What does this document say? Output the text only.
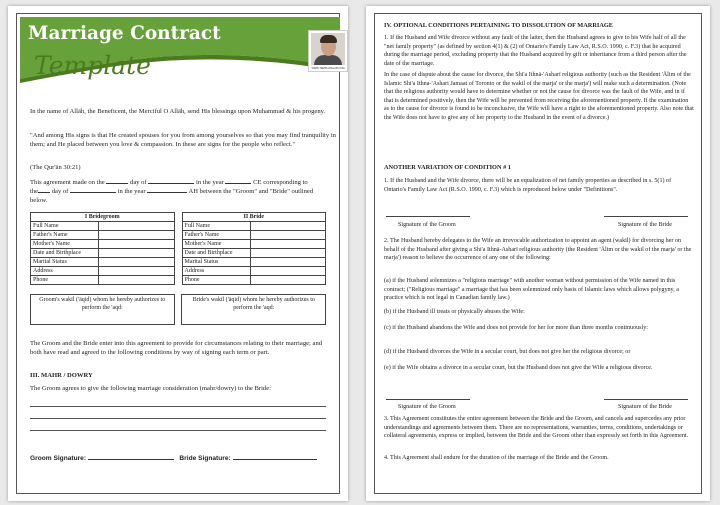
Marriage Contract
Template	WWW.TEMPLATELAB.COM
In the name of Allāh, the Beneficent, the Merciful O Allāh, send His blessings upon Muhammad & his progeny.
"And among His signs is that He created spouses for you from among yourselves so that you may find tranquility in them; and He placed between you love & compassion. In these are signs for the people who reflect."
(The Qur'ān 30:21)
This agreement made on the	day of	in the year	CE corresponding to
the day of	in the year	AH between the "Groom" and "Bride" outlined below.
I Bridegroom			II Bride	
Full Name			Full Name	
Father's Name			Father's Name	
Mother's Name			Mother's Name	
Date and Birthplace			Date and Birthplace	
Marital Status			Marital Status	
Address			Address	
Phone			Phone	
Groom's wakīl ('āqid) whom he hereby authorizes to perform the 'aqd:		Bride's wakīl ('āqid) whom he hereby authorizes to perform the 'aqd:
The Groom and the Bride enter into this agreement to provide for circumstances relating to their marriage; and both have read and agreed to the following conditions by way of signing each term or part.
III. MAHR / DOWRY
The Groom agrees to give the following marriage consideration (mahr/dowry) to the Bride:
Groom Signature:	Bride Signature:
IV. OPTIONAL CONDITIONS PERTAINING TO DISSOLUTION OF MARRIAGE
1. If the Husband and Wife divorce without any fault of the latter, then the Husband agrees to give to his Wife half of all the "net family property" (as defined by section 4(1) & (2) of Ontario's Family Law Act, R.S.O. 1990, c. F.3) that he acquired during the marriage period, excluding property that the Husband acquired by gift or inheritance from a third person after the date of the marriage.
In the case of dispute about the cause for divorce, the Shi'a Ithnā-'Asharī religious authority (such as the Resident 'Ālim of the Islamic Shi'a Ithna-'Ashari Jamaat of Toronto or the wakil of the marja' or the marja') will make such a determination. (Note that the religious authority would have to determine whether or not the cause for divorce was the fault of the Wife, and in if that is determined positively, then the Wife will be prevented from receiving the aforementioned property. If the examination as to the cause for divorce is found to be inconclusive, the Wife will have a right to the aforementioned property. Also note that the Wife does not have to give any of her property to the Husband in the event of a divorce.)
ANOTHER VARIATION OF CONDITION # 1
1. If the Husband and the Wife divorce, there will be an equalization of net family properties as described in s. 5(1) of Ontario's Family Law Act (R.S.O. 1990, c. F.3) which is reproduced below under "Definitions".
Signature of the Groom	Signature of the Bride
2. The Husband hereby delegates to the Wife an irrevocable authorization to appoint an agent (wakīl) for divorcing her on behalf of the Husband after giving a Shi'a Ithnā-Asharī religious authority (the Resident 'Ālim or the wakil of the marja' or the marja') reason to believe the occurrence of any one of the following:
(a) if the Husband solemnizes a "religious marriage" with another woman without permission of the Wife named in this contract; ("Religious marriage" a marriage that has been solemnized only basis of Islamic laws which allows polygyny, a practice which is not legal in Canadian family law.)
(b) if the Husband ill treats or physically abuses the Wife:
(c) if the Husband abandons the Wife and does not provide for her for more than three months continuously:
(d) if the Husband divorces the Wife in a secular court, but does not give her the religious divorce; or
(e) if the Wife obtains a divorce in a secular court, but the Husband does not give the Wife a religious divorce.
Signature of the Groom	Signature of the Bride
3. This Agreement constitutes the entire agreement between the Bride and the Groom, and cancels and supercedes any prior understandings and agreements between them. There are no representations, warranties, terms, conditions, undertakings or collateral agreements, express or implied, between the Bride and the Groom other than expressly set forth in this Agreement.
4. This Agreement shall endure for the duration of the marriage of the Bride and the Groom.
